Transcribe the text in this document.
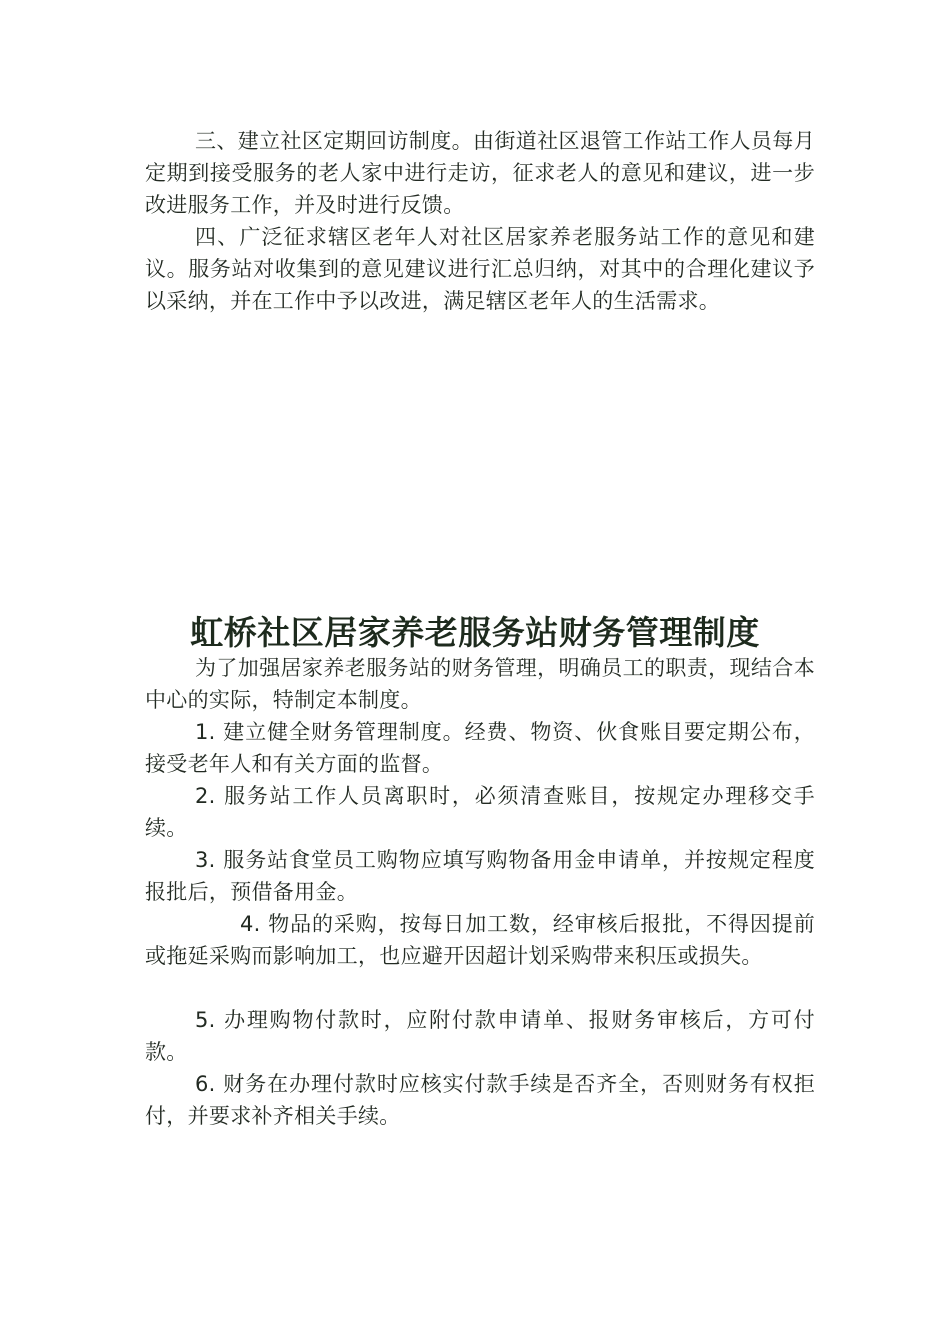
三、建立社区定期回访制度。由街道社区退管工作站工作人员每月定期到接受服务的老人家中进行走访，征求老人的意见和建议，进一步改进服务工作，并及时进行反馈。

四、广泛征求辖区老年人对社区居家养老服务站工作的意见和建议。服务站对收集到的意见建议进行汇总归纳，对其中的合理化建议予以采纳，并在工作中予以改进，满足辖区老年人的生活需求。

虹桥社区居家养老服务站财务管理制度

为了加强居家养老服务站的财务管理，明确员工的职责，现结合本中心的实际，特制定本制度。

1. 建立健全财务管理制度。经费、物资、伙食账目要定期公布，接受老年人和有关方面的监督。

2. 服务站工作人员离职时，必须清查账目，按规定办理移交手续。

3. 服务站食堂员工购物应填写购物备用金申请单，并按规定程度报批后，预借备用金。

4. 物品的采购，按每日加工数，经审核后报批，不得因提前或拖延采购而影响加工，也应避开因超计划采购带来积压或损失。

5. 办理购物付款时，应附付款申请单、报财务审核后，方可付款。

6. 财务在办理付款时应核实付款手续是否齐全，否则财务有权拒付，并要求补齐相关手续。
